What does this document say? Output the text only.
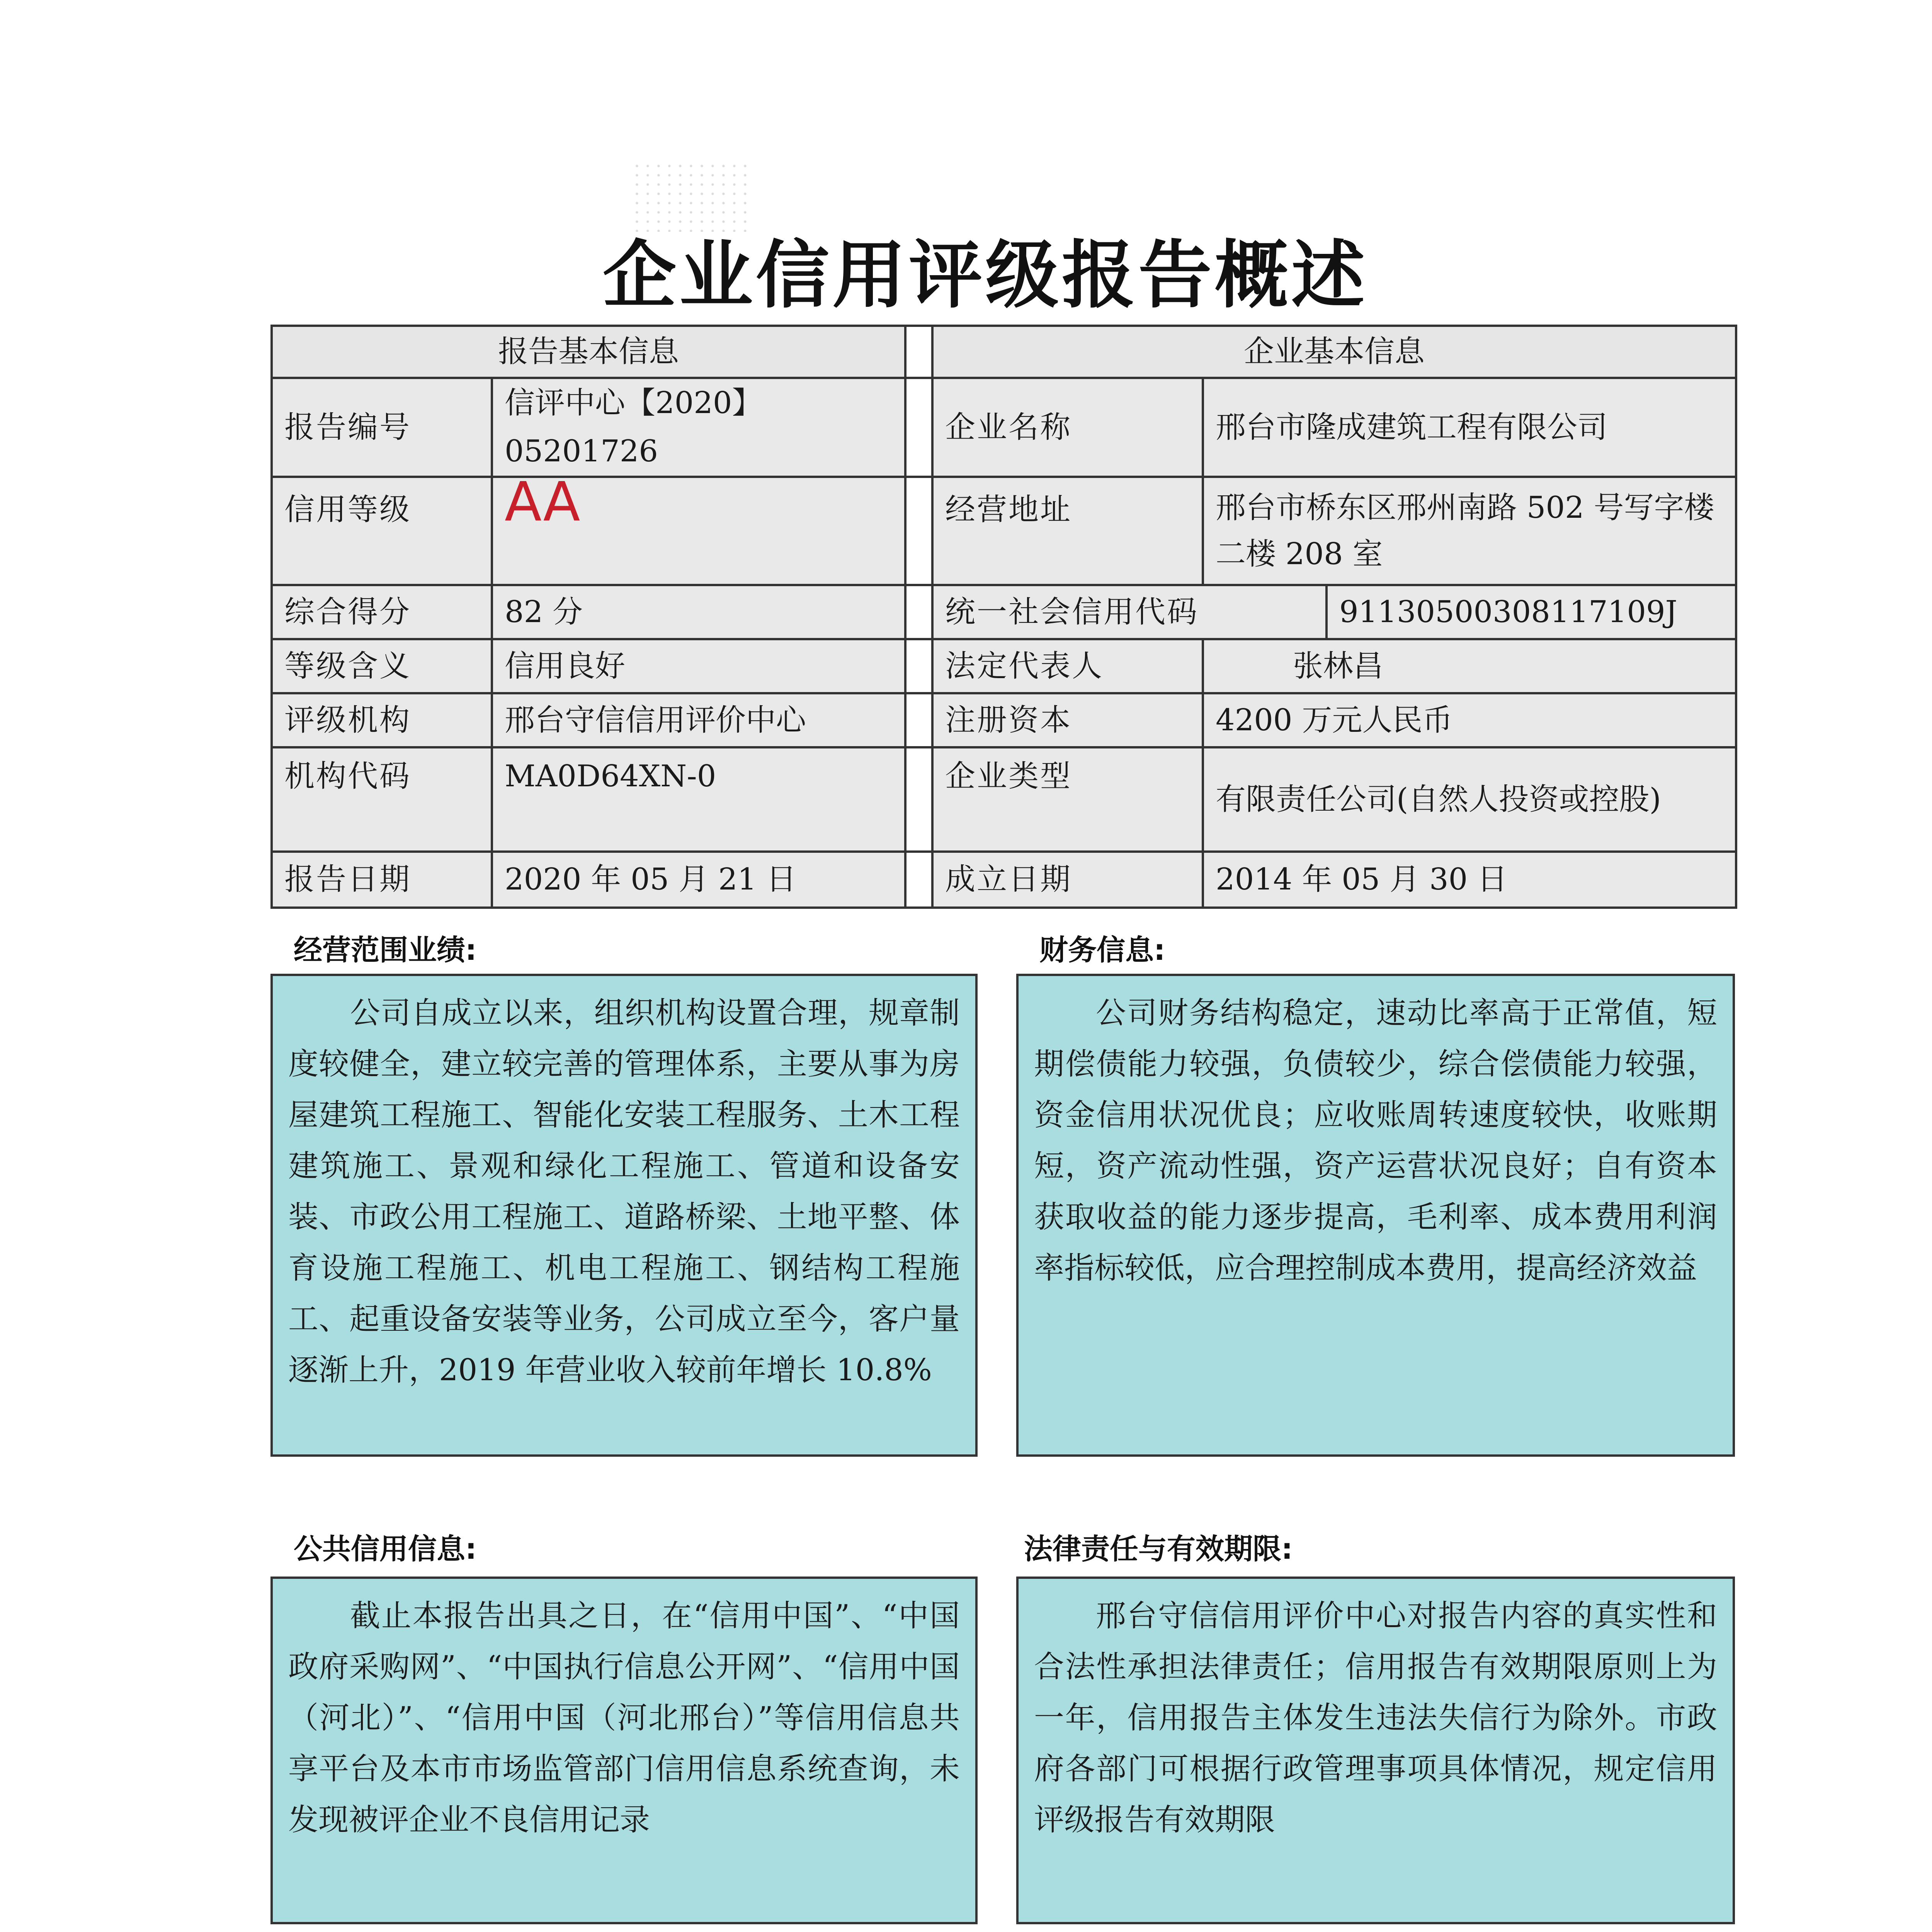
企业信用评级报告概述
报告基本信息			企业基本信息		
报告编号	信评中心【2020】05201726		企业名称	邢台市隆成建筑工程有限公司	
信用等级	AA		经营地址	邢台市桥东区邢州南路 502 号写字楼二楼 208 室	
综合得分	82 分		统一社会信用代码		91130500308117109J
等级含义	信用良好		法定代表人	张林昌	
评级机构	邢台守信信用评价中心		注册资本	4200 万元人民币	
机构代码	MA0D64XN-0		企业类型	有限责任公司(自然人投资或控股)	
报告日期	2020 年 05 月 21 日		成立日期	2014 年 05 月 30 日	
经营范围业绩:
公司自成立以来，组织机构设置合理，规章制度较健全，建立较完善的管理体系，主要从事为房屋建筑工程施工、智能化安装工程服务、土木工程建筑施工、景观和绿化工程施工、管道和设备安装、市政公用工程施工、道路桥梁、土地平整、体育设施工程施工、机电工程施工、钢结构工程施工、起重设备安装等业务，公司成立至今，客户量逐渐上升，2019 年营业收入较前年增长 10.8%
财务信息:
公司财务结构稳定，速动比率高于正常值，短期偿债能力较强，负债较少，综合偿债能力较强，资金信用状况优良；应收账周转速度较快，收账期短，资产流动性强，资产运营状况良好；自有资本获取收益的能力逐步提高，毛利率、成本费用利润率指标较低，应合理控制成本费用，提高经济效益
公共信用信息:
截止本报告出具之日，在“信用中国”、“中国政府采购网”、“中国执行信息公开网”、“信用中国（河北）”、“信用中国（河北邢台）”等信用信息共享平台及本市市场监管部门信用信息系统查询，未发现被评企业不良信用记录
法律责任与有效期限:
邢台守信信用评价中心对报告内容的真实性和合法性承担法律责任；信用报告有效期限原则上为一年，信用报告主体发生违法失信行为除外。市政府各部门可根据行政管理事项具体情况，规定信用评级报告有效期限
